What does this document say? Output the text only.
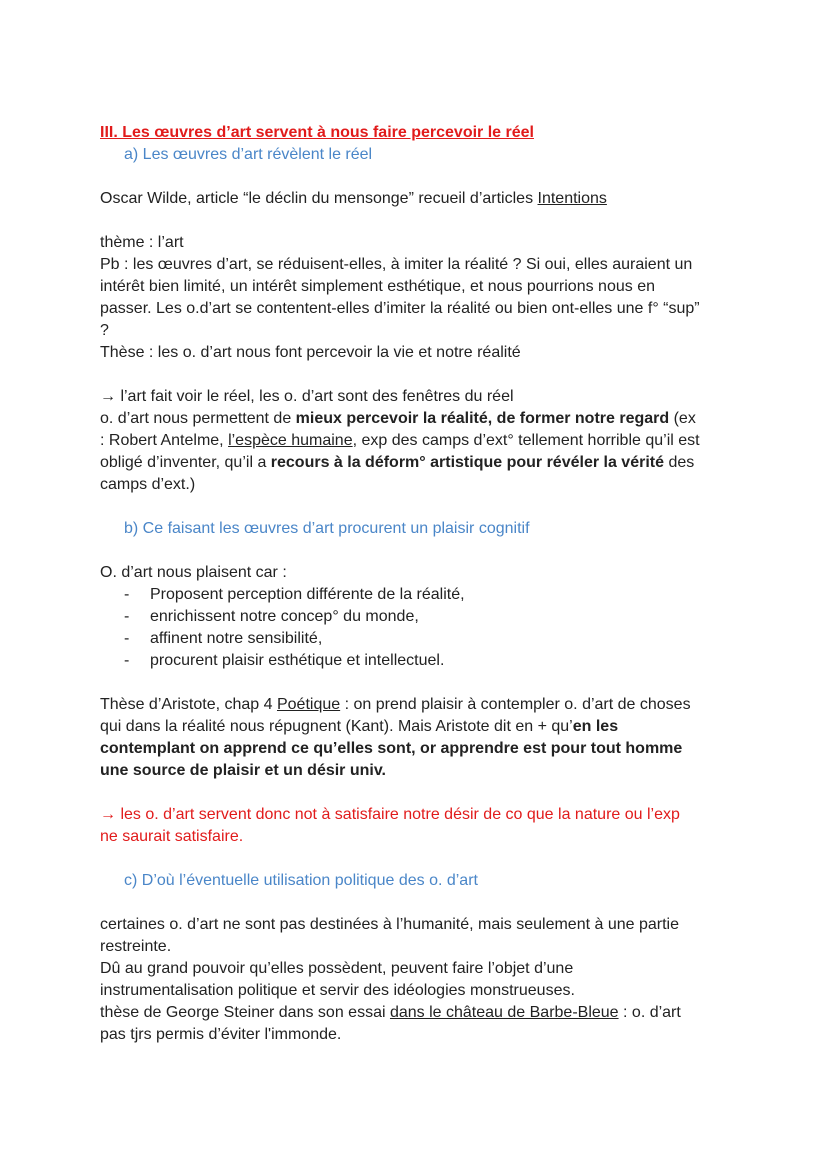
III. Les œuvres d’art servent à nous faire percevoir le réel
a) Les œuvres d’art révèlent le réel
Oscar Wilde, article “le déclin du mensonge” recueil d’articles Intentions
thème : l’art
Pb : les œuvres d’art, se réduisent-elles, à imiter la réalité ? Si oui, elles auraient un
intérêt bien limité, un intérêt simplement esthétique, et nous pourrions nous en
passer. Les o.d’art se contentent-elles d’imiter la réalité ou bien ont-elles une f° “sup”
?
Thèse : les o. d’art nous font percevoir la vie et notre réalité
→ l’art fait voir le réel, les o. d’art sont des fenêtres du réel
o. d’art nous permettent de mieux percevoir la réalité, de former notre regard (ex
: Robert Antelme, l’espèce humaine, exp des camps d’ext° tellement horrible qu’il est
obligé d’inventer, qu’il a recours à la déform° artistique pour révéler la vérité des
camps d’ext.)
b) Ce faisant les œuvres d’art procurent un plaisir cognitif
O. d’art nous plaisent car :
- Proposent perception différente de la réalité,
- enrichissent notre concep° du monde,
- affinent notre sensibilité,
- procurent plaisir esthétique et intellectuel.
Thèse d’Aristote, chap 4 Poétique : on prend plaisir à contempler o. d’art de choses
qui dans la réalité nous répugnent (Kant). Mais Aristote dit en + qu’en les
contemplant on apprend ce qu’elles sont, or apprendre est pour tout homme
une source de plaisir et un désir univ.
→ les o. d’art servent donc not à satisfaire notre désir de co que la nature ou l’exp
ne saurait satisfaire.
c) D’où l’éventuelle utilisation politique des o. d’art
certaines o. d’art ne sont pas destinées à l’humanité, mais seulement à une partie
restreinte.
Dû au grand pouvoir qu’elles possèdent, peuvent faire l’objet d’une
instrumentalisation politique et servir des idéologies monstrueuses.
thèse de George Steiner dans son essai dans le château de Barbe-Bleue : o. d’art
pas tjrs permis d’éviter l'immonde.
